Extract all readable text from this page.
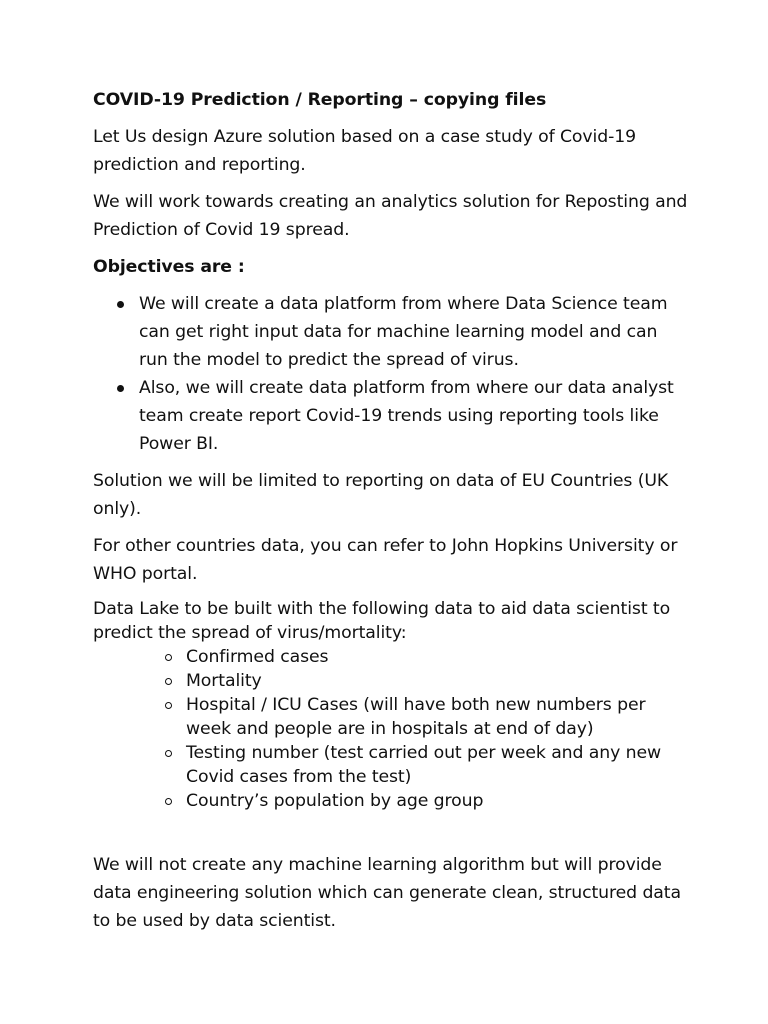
COVID-19 Prediction / Reporting – copying files

Let Us design Azure solution based on a case study of Covid-19 prediction and reporting.

We will work towards creating an analytics solution for Reposting and Prediction of Covid 19 spread.

Objectives are :

We will create a data platform from where Data Science team can get right input data for machine learning model and can run the model to predict the spread of virus.
Also, we will create data platform from where our data analyst team create report Covid-19 trends using reporting tools like Power BI.

Solution we will be limited to reporting on data of EU Countries (UK only).

For other countries data, you can refer to John Hopkins University or WHO portal.

Data Lake to be built with the following data to aid data scientist to predict the spread of virus/mortality:

Confirmed cases
Mortality
Hospital / ICU Cases (will have both new numbers per week and people are in hospitals at end of day)
Testing number (test carried out per week and any new Covid cases from the test)
Country’s population by age group

We will not create any machine learning algorithm but will provide data engineering solution which can generate clean, structured data to be used by data scientist.
